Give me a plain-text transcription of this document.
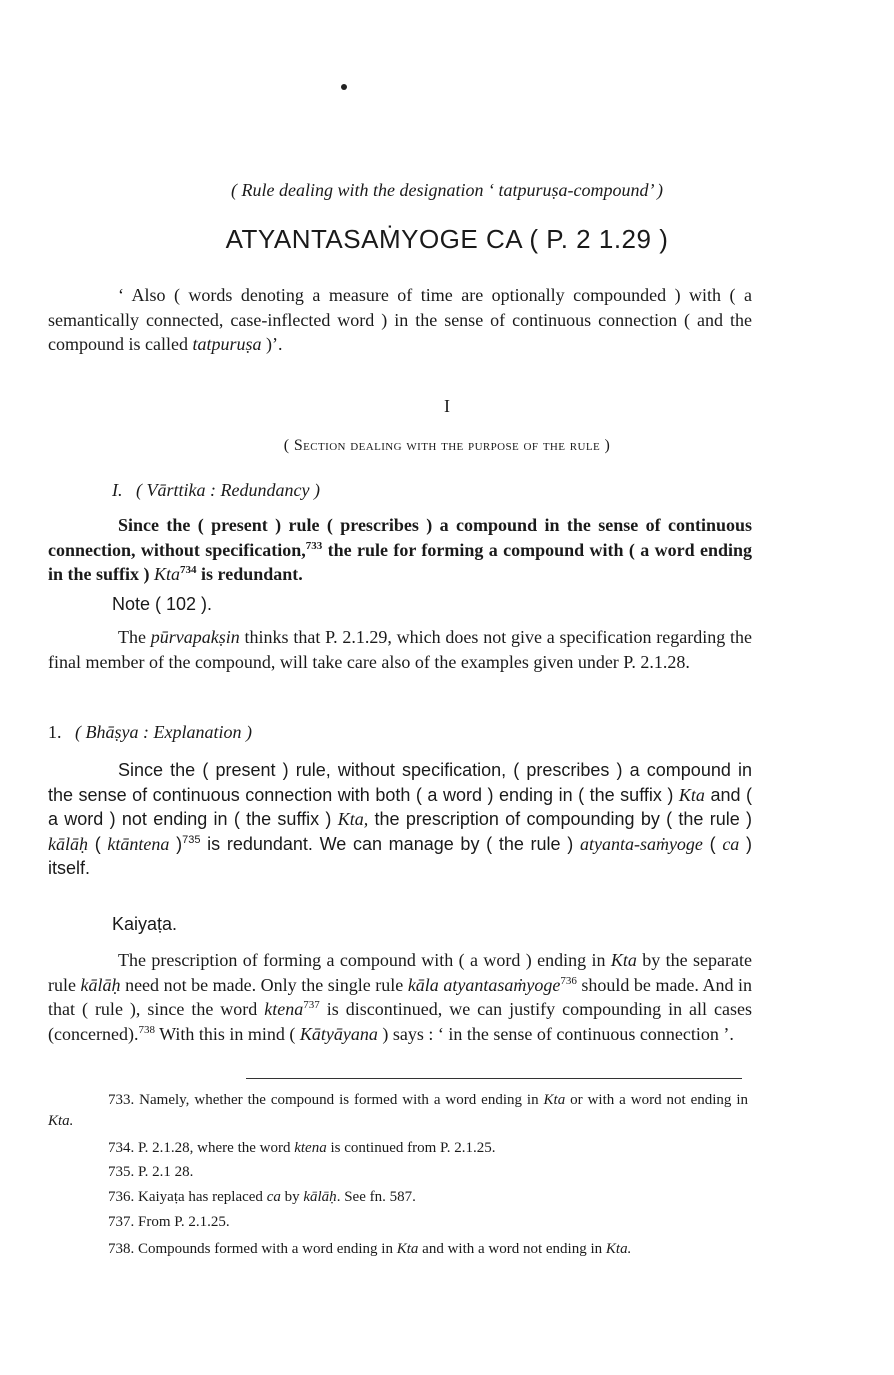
( Rule dealing with the designation ‘ tatpuruṣa-compound’ )
ATYANTASAṀYOGE CA ( P. 2 1.29 )

‘ Also ( words denoting a measure of time are optionally compounded ) with ( a semantically connected, case-inflected word ) in the sense of continuous connection ( and the compound is called tatpuruṣa )’.

I
( Section dealing with the purpose of the rule )
I. ( Vārttika : Redundancy )

Since the ( present ) rule ( prescribes ) a compound in the sense of continuous connection, without specification,$^{733}$ the rule for forming a compound with ( a word ending in the suffix ) Kta$^{734}$ is redundant.

Note ( 102 ).

The pūrvapakṣin thinks that P. 2.1.29, which does not give a specification regarding the final member of the compound, will take care also of the examples given under P. 2.1.28.

1. ( Bhāṣya : Explanation )

Since the ( present ) rule, without specification, ( prescribes ) a compound in the sense of continuous connection with both ( a word ) ending in ( the suffix ) Kta and ( a word ) not ending in ( the suffix ) Kta, the prescription of compounding by ( the rule ) kālāḥ ( ktāntena )$^{735}$ is redundant. We can manage by ( the rule ) atyanta-saṁyoge ( ca ) itself.

Kaiyaṭa.

The prescription of forming a compound with ( a word ) ending in Kta by the separate rule kālāḥ need not be made. Only the single rule kāla atyantasaṁyoge$^{736}$ should be made. And in that ( rule ), since the word ktena$^{737}$ is discontinued, we can justify compounding in all cases (concerned).$^{738}$ With this in mind ( Kātyāyana ) says : ‘ in the sense of continuous connection ’.

733. Namely, whether the compound is formed with a word ending in Kta or with a word not ending in Kta.

734. P. 2.1.28, where the word ktena is continued from P. 2.1.25.

735. P. 2.1 28.

736. Kaiyaṭa has replaced ca by kālāḥ. See fn. 587.

737. From P. 2.1.25.

738. Compounds formed with a word ending in Kta and with a word not ending in Kta.
